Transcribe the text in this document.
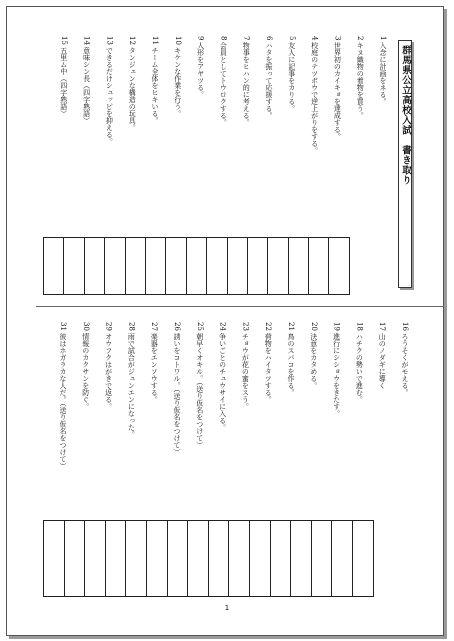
群馬県公立高校入試　書き取り
1入念に計画をネる。
2キヌ織物の着物を買う。
3世界初のカイキョを達成する。
4校庭のテツボウで逆上がりをする。
5友人に記事をカりる。
6ハタを振って応援する。
7物事をヒハン的に考える。
8会員としてトウロクする。
9人形をアヤツる。
10キケンな作業を行う。
11チーム全体をヒキいる。
12タンジュンな構造の玩具。
13できるだけシュッピを抑える。
14意味シン長（四字熟語）
15五里ム中（四字熟語）
16ろうそくがモえる。
17山のノダギに導く
18ハチクの勢いで進む。
19進行にシショウをきたす。
20決意をカタめる。
21鳥のスバコを作る。
22荷物をハイタツする。
23チョウが花の蜜をスう。
24争いごとのチュウサイに入る。
25朝早くオキル。（送り仮名をつけて）
26誘いをコトワル。（送り仮名をつけて）
27楽器をエンソウする。
28雨で試合がジュンエンになった。
29オウフクはがきで返る。
30情報のカクサンを防ぐ。
31彼はホガラカな人だ。（送り仮名をつけて）
1
